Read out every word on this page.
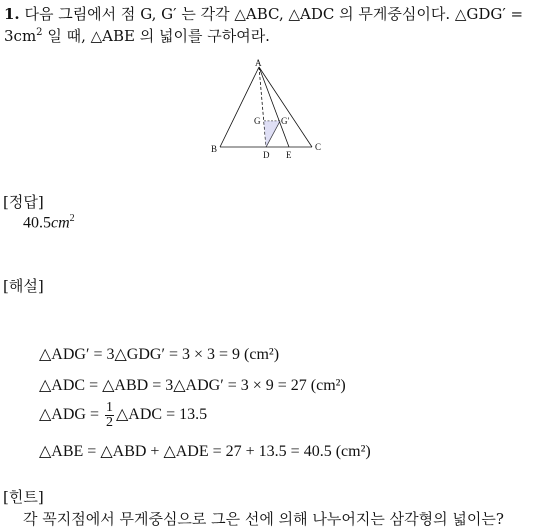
1. 다음 그림에서 점 G, G′ 는 각각 △ABC, △ADC 의 무게중심이다. △GDG′ =
$3cm^2$ 일 때, △ABE 의 넓이를 구하여라.
A
B	C
D E
G G′
[정답]
$40.5cm^2$
[해설]
△ADG′ = 3△GDG′ = 3 × 3 = 9 (cm²)
△ADC = △ABD = 3△ADG′ = 3 × 9 = 27 (cm²)
△ADG = $\frac{1}{2}$ △ADC = 13.5
△ABE = △ABD + △ADE = 27 + 13.5 = 40.5 (cm²)
[힌트]
각 꼭지점에서 무게중심으로 그은 선에 의해 나누어지는 삼각형의 넓이는?
